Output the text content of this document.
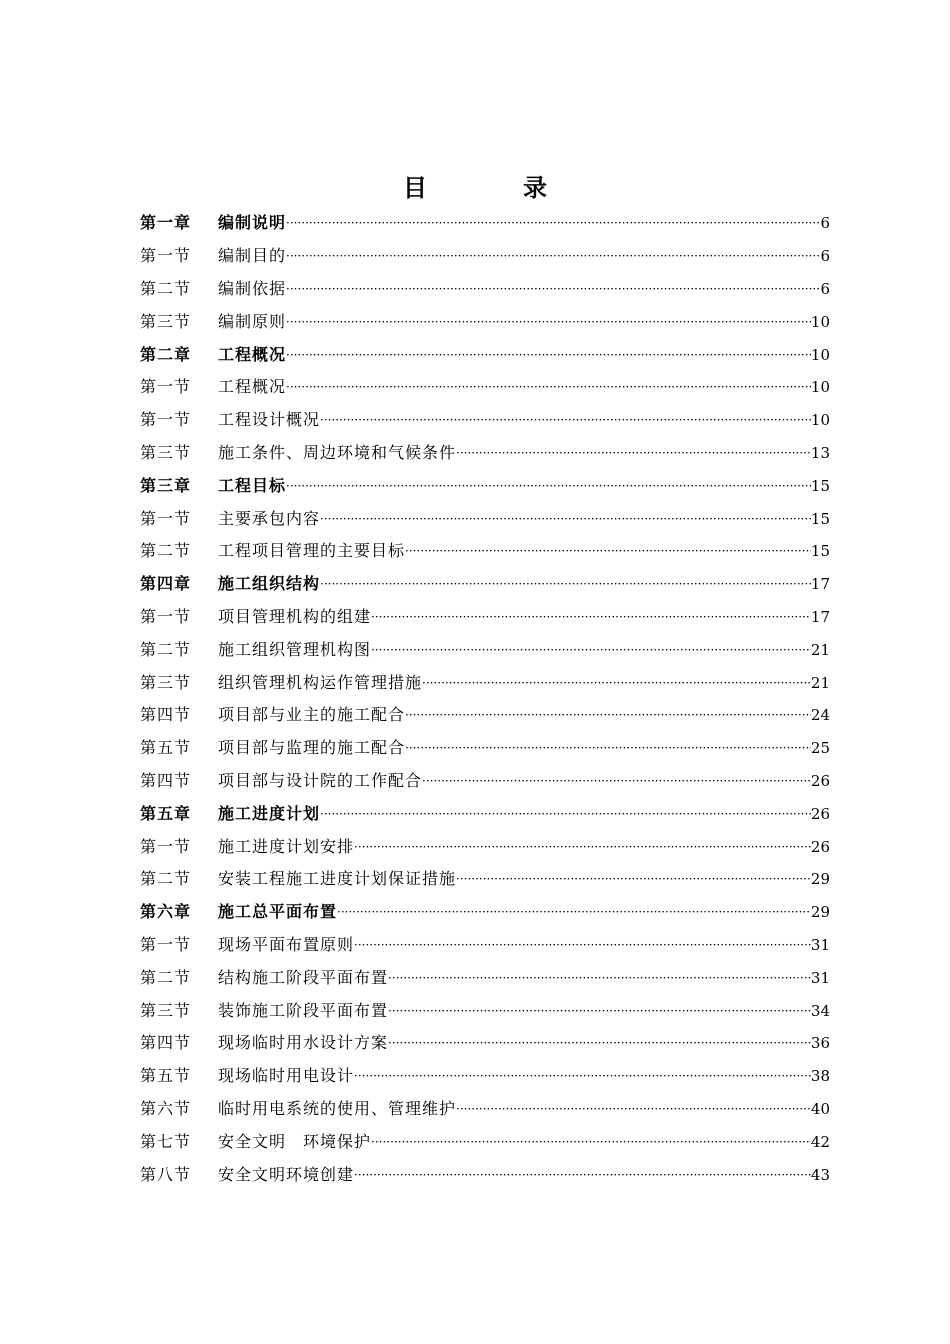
目　录
第一章	编制说明 ·····	6
第一节	编制目的 ·····	6
第二节	编制依据 ·····	6
第三节	编制原则 ·····	10
第二章	工程概况 ·····	10
第一节	工程概况 ·····	10
第一节	工程设计概况 ·····	10
第三节	施工条件、周边环境和气候条件 ·····	13
第三章	工程目标 ·····	15
第一节	主要承包内容 ·····	15
第二节	工程项目管理的主要目标 ·····	15
第四章	施工组织结构 ·····	17
第一节	项目管理机构的组建 ·····	17
第二节	施工组织管理机构图 ·····	21
第三节	组织管理机构运作管理措施 ·····	21
第四节	项目部与业主的施工配合 ·····	24
第五节	项目部与监理的施工配合 ·····	25
第四节	项目部与设计院的工作配合 ·····	26
第五章	施工进度计划 ·····	26
第一节	施工进度计划安排 ·····	26
第二节	安装工程施工进度计划保证措施 ·····	29
第六章	施工总平面布置 ·····	29
第一节	现场平面布置原则 ·····	31
第二节	结构施工阶段平面布置 ·····	31
第三节	装饰施工阶段平面布置 ·····	34
第四节	现场临时用水设计方案 ·····	36
第五节	现场临时用电设计 ·····	38
第六节	临时用电系统的使用、管理维护 ·····	40
第七节	安全文明　环境保护 ·····	42
第八节	安全文明环境创建 ·····	43
